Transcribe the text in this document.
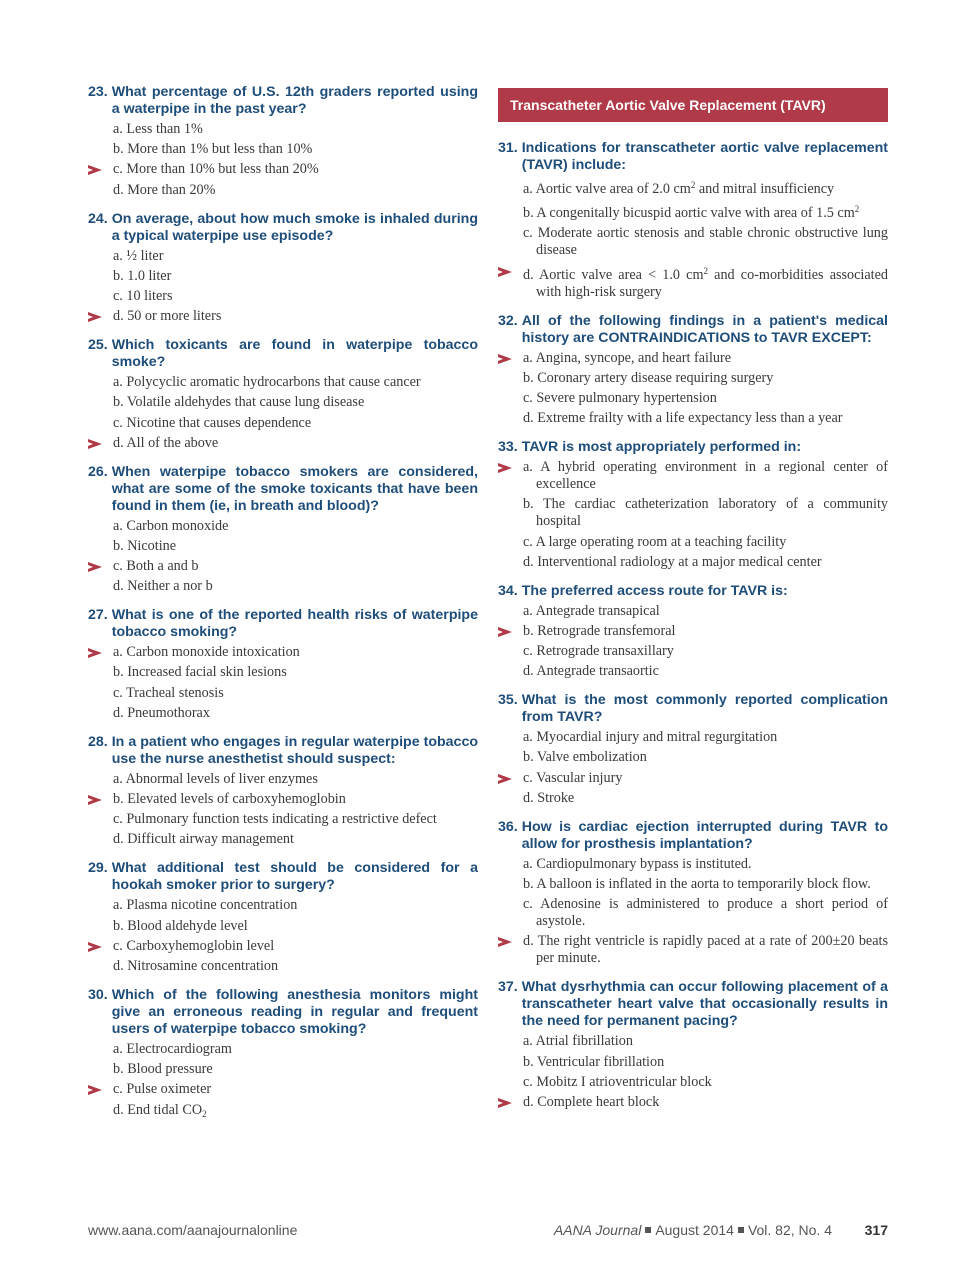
23. What percentage of U.S. 12th graders reported using a waterpipe in the past year?
a. Less than 1%
b. More than 1% but less than 10%
c. More than 10% but less than 20%
d. More than 20%
24. On average, about how much smoke is inhaled during a typical waterpipe use episode?
a. ½ liter
b. 1.0 liter
c. 10 liters
d. 50 or more liters
25. Which toxicants are found in waterpipe tobacco smoke?
a. Polycyclic aromatic hydrocarbons that cause cancer
b. Volatile aldehydes that cause lung disease
c. Nicotine that causes dependence
d. All of the above
26. When waterpipe tobacco smokers are considered, what are some of the smoke toxicants that have been found in them (ie, in breath and blood)?
a. Carbon monoxide
b. Nicotine
c. Both a and b
d. Neither a nor b
27. What is one of the reported health risks of waterpipe tobacco smoking?
a. Carbon monoxide intoxication
b. Increased facial skin lesions
c. Tracheal stenosis
d. Pneumothorax
28. In a patient who engages in regular waterpipe tobacco use the nurse anesthetist should suspect:
a. Abnormal levels of liver enzymes
b. Elevated levels of carboxyhemoglobin
c. Pulmonary function tests indicating a restrictive defect
d. Difficult airway management
29. What additional test should be considered for a hookah smoker prior to surgery?
a. Plasma nicotine concentration
b. Blood aldehyde level
c. Carboxyhemoglobin level
d. Nitrosamine concentration
30. Which of the following anesthesia monitors might give an erroneous reading in regular and frequent users of waterpipe tobacco smoking?
a. Electrocardiogram
b. Blood pressure
c. Pulse oximeter
d. End tidal $CO_2$
Transcatheter Aortic Valve Replacement (TAVR)
31. Indications for transcatheter aortic valve replacement (TAVR) include:
a. Aortic valve area of 2.0 $cm^2$ and mitral insufficiency
b. A congenitally bicuspid aortic valve with area of 1.5 $cm^2$
c. Moderate aortic stenosis and stable chronic obstructive lung disease
d. Aortic valve area < 1.0 $cm^2$ and co-morbidities associated with high-risk surgery
32. All of the following findings in a patient's medical history are CONTRAINDICATIONS to TAVR EXCEPT:
a. Angina, syncope, and heart failure
b. Coronary artery disease requiring surgery
c. Severe pulmonary hypertension
d. Extreme frailty with a life expectancy less than a year
33. TAVR is most appropriately performed in:
a. A hybrid operating environment in a regional center of excellence
b. The cardiac catheterization laboratory of a community hospital
c. A large operating room at a teaching facility
d. Interventional radiology at a major medical center
34. The preferred access route for TAVR is:
a. Antegrade transapical
b. Retrograde transfemoral
c. Retrograde transaxillary
d. Antegrade transaortic
35. What is the most commonly reported complication from TAVR?
a. Myocardial injury and mitral regurgitation
b. Valve embolization
c. Vascular injury
d. Stroke
36. How is cardiac ejection interrupted during TAVR to allow for prosthesis implantation?
a. Cardiopulmonary bypass is instituted.
b. A balloon is inflated in the aorta to temporarily block flow.
c. Adenosine is administered to produce a short period of asystole.
d. The right ventricle is rapidly paced at a rate of 200±20 beats per minute.
37. What dysrhythmia can occur following placement of a transcatheter heart valve that occasionally results in the need for permanent pacing?
a. Atrial fibrillation
b. Ventricular fibrillation
c. Mobitz I atrioventricular block
d. Complete heart block
www.aana.com/aanajournalonline	AANA Journal August 2014 Vol. 82, No. 4 317
